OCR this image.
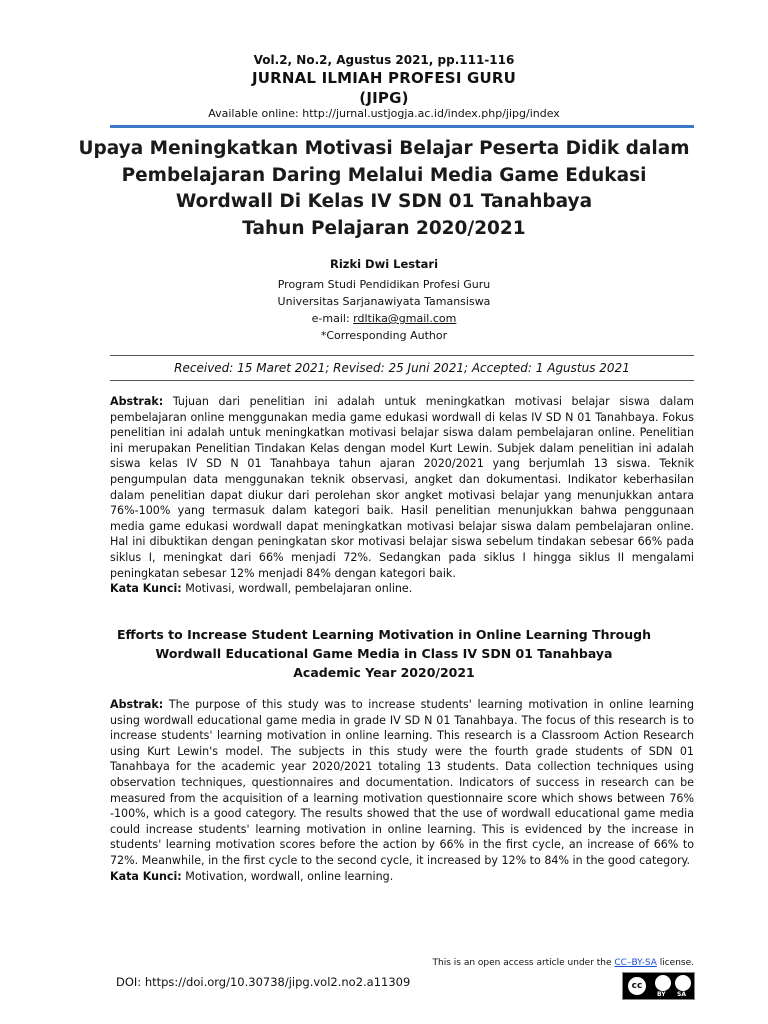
Vol.2, No.2, Agustus 2021, pp.111-116
JURNAL ILMIAH PROFESI GURU
(JIPG)
Available online: http://jurnal.ustjogja.ac.id/index.php/jipg/index
Upaya Meningkatkan Motivasi Belajar Peserta Didik dalam
Pembelajaran Daring Melalui Media Game Edukasi
Wordwall Di Kelas IV SDN 01 Tanahbaya
Tahun Pelajaran 2020/2021
Rizki Dwi Lestari
Program Studi Pendidikan Profesi Guru
Universitas Sarjanawiyata Tamansiswa
e-mail: rdltika@gmail.com
*Corresponding Author
Received: 15 Maret 2021; Revised: 25 Juni 2021; Accepted: 1 Agustus 2021
Abstrak: Tujuan dari penelitian ini adalah untuk meningkatkan motivasi belajar siswa dalam pembelajaran online menggunakan media game edukasi wordwall di kelas IV SD N 01 Tanahbaya. Fokus penelitian ini adalah untuk meningkatkan motivasi belajar siswa dalam pembelajaran online. Penelitian ini merupakan Penelitian Tindakan Kelas dengan model Kurt Lewin. Subjek dalam penelitian ini adalah siswa kelas IV SD N 01 Tanahbaya tahun ajaran 2020/2021 yang berjumlah 13 siswa. Teknik pengumpulan data menggunakan teknik observasi, angket dan dokumentasi. Indikator keberhasilan dalam penelitian dapat diukur dari perolehan skor angket motivasi belajar yang menunjukkan antara 76%-100% yang termasuk dalam kategori baik. Hasil penelitian menunjukkan bahwa penggunaan media game edukasi wordwall dapat meningkatkan motivasi belajar siswa dalam pembelajaran online. Hal ini dibuktikan dengan peningkatan skor motivasi belajar siswa sebelum tindakan sebesar 66% pada siklus I, meningkat dari 66% menjadi 72%. Sedangkan pada siklus I hingga siklus II mengalami peningkatan sebesar 12% menjadi 84% dengan kategori baik.
Kata Kunci: Motivasi, wordwall, pembelajaran online.
Efforts to Increase Student Learning Motivation in Online Learning Through
Wordwall Educational Game Media in Class IV SDN 01 Tanahbaya
Academic Year 2020/2021
Abstrak: The purpose of this study was to increase students' learning motivation in online learning using wordwall educational game media in grade IV SD N 01 Tanahbaya. The focus of this research is to increase students' learning motivation in online learning. This research is a Classroom Action Research using Kurt Lewin's model. The subjects in this study were the fourth grade students of SDN 01 Tanahbaya for the academic year 2020/2021 totaling 13 students. Data collection techniques using observation techniques, questionnaires and documentation. Indicators of success in research can be measured from the acquisition of a learning motivation questionnaire score which shows between 76% -100%, which is a good category. The results showed that the use of wordwall educational game media could increase students' learning motivation in online learning. This is evidenced by the increase in students' learning motivation scores before the action by 66% in the first cycle, an increase of 66% to 72%. Meanwhile, in the first cycle to the second cycle, it increased by 12% to 84% in the good category.
Kata Kunci: Motivation, wordwall, online learning.
This is an open access article under the CC–BY-SA license.
DOI: https://doi.org/10.30738/jipg.vol2.no2.a11309	cc
BY SA
